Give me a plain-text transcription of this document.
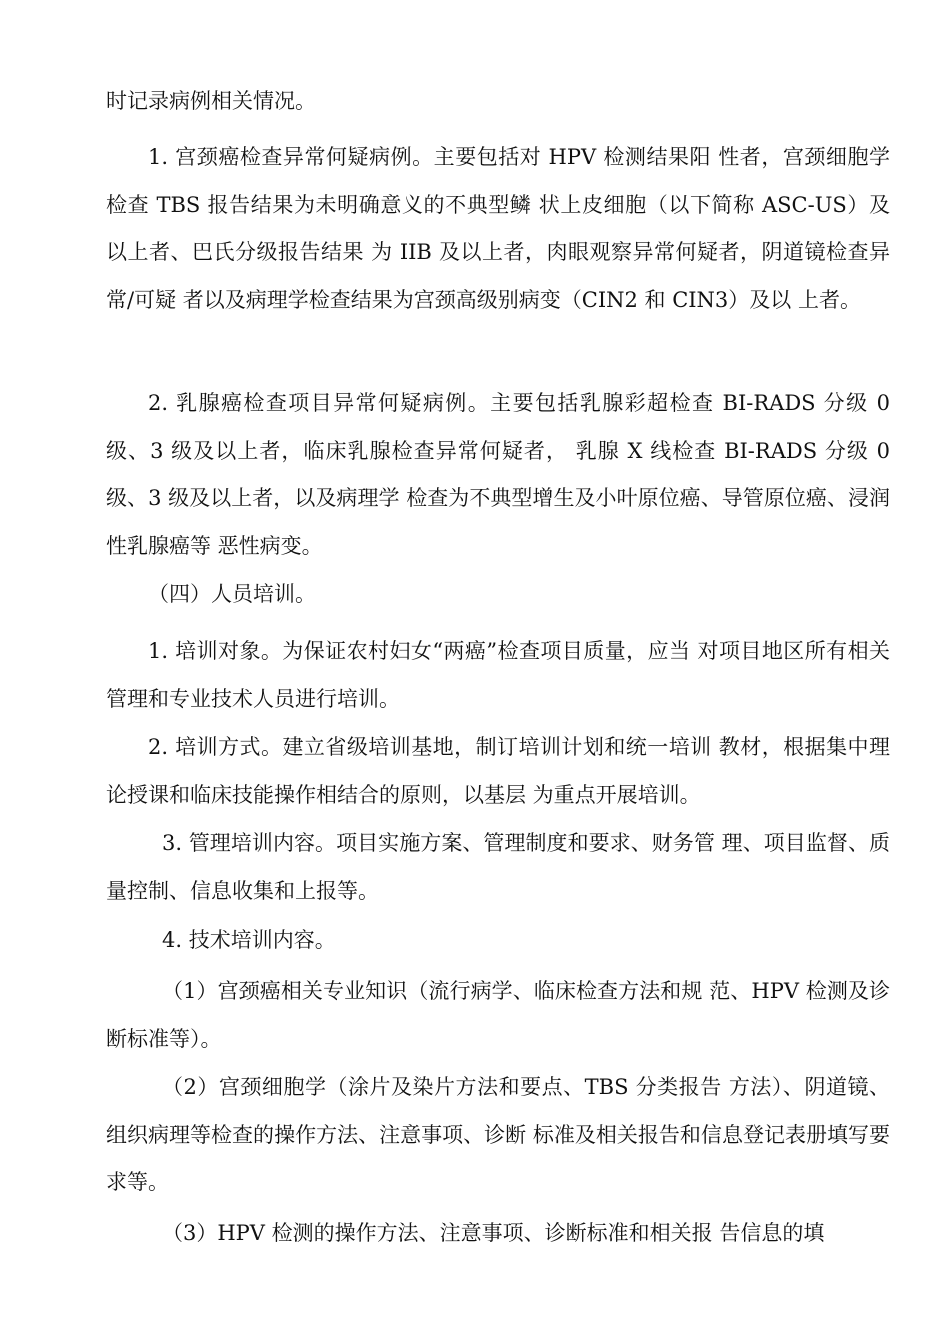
时记录病例相关情况。

1. 宫颈癌检查异常何疑病例。主要包括对 HPV 检测结果阳 性者，宫颈细胞学检查 TBS 报告结果为未明确意义的不典型鳞 状上皮细胞（以下简称 ASC-US）及以上者、巴氏分级报告结果 为 IIB 及以上者，肉眼观察异常何疑者，阴道镜检查异常/可疑 者以及病理学检查结果为宫颈高级别病变（CIN2 和 CIN3）及以 上者。

2. 乳腺癌检查项目异常何疑病例。主要包括乳腺彩超检查 BI-RADS 分级 0 级、3 级及以上者，临床乳腺检查异常何疑者， 乳腺 X 线检查 BI-RADS 分级 0 级、3 级及以上者，以及病理学 检查为不典型增生及小叶原位癌、导管原位癌、浸润性乳腺癌等 恶性病变。

（四）人员培训。

1. 培训对象。为保证农村妇女“两癌”检查项目质量，应当 对项目地区所有相关管理和专业技术人员进行培训。

2. 培训方式。建立省级培训基地，制订培训计划和统一培训 教材，根据集中理论授课和临床技能操作相结合的原则，以基层 为重点开展培训。

3. 管理培训内容。项目实施方案、管理制度和要求、财务管 理、项目监督、质量控制、信息收集和上报等。

4. 技术培训内容。

（1）宫颈癌相关专业知识（流行病学、临床检查方法和规 范、HPV 检测及诊断标准等）。

（2）宫颈细胞学（涂片及染片方法和要点、TBS 分类报告 方法）、阴道镜、组织病理等检查的操作方法、注意事项、诊断 标准及相关报告和信息登记表册填写要求等。

（3）HPV 检测的操作方法、注意事项、诊断标准和相关报 告信息的填
